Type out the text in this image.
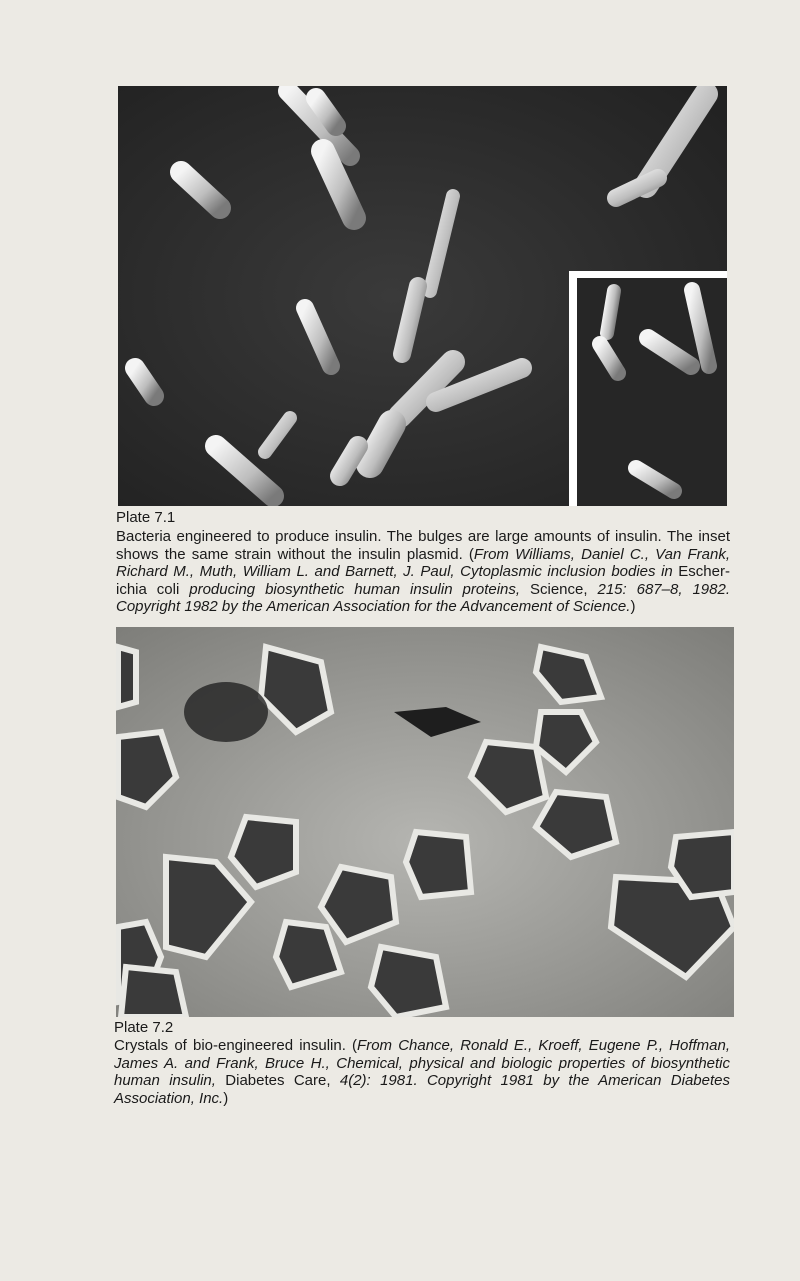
Plate 7.1
Bacteria engineered to produce insulin. The bulges are large amounts of insulin. The inset shows the same strain without the insulin plasmid. (From Williams, Daniel C., Van Frank, Richard M., Muth, William L. and Barnett, J. Paul, Cytoplasmic inclusion bodies in Escher-ichia coli producing biosynthetic human insulin proteins, Science, 215: 687–8, 1982. Copyright 1982 by the American Association for the Advancement of Science.)
Plate 7.2
Crystals of bio-engineered insulin. (From Chance, Ronald E., Kroeff, Eugene P., Hoffman, James A. and Frank, Bruce H., Chemical, physical and biologic properties of biosynthetic human insulin, Diabetes Care, 4(2): 1981. Copyright 1981 by the American Diabetes Association, Inc.)
